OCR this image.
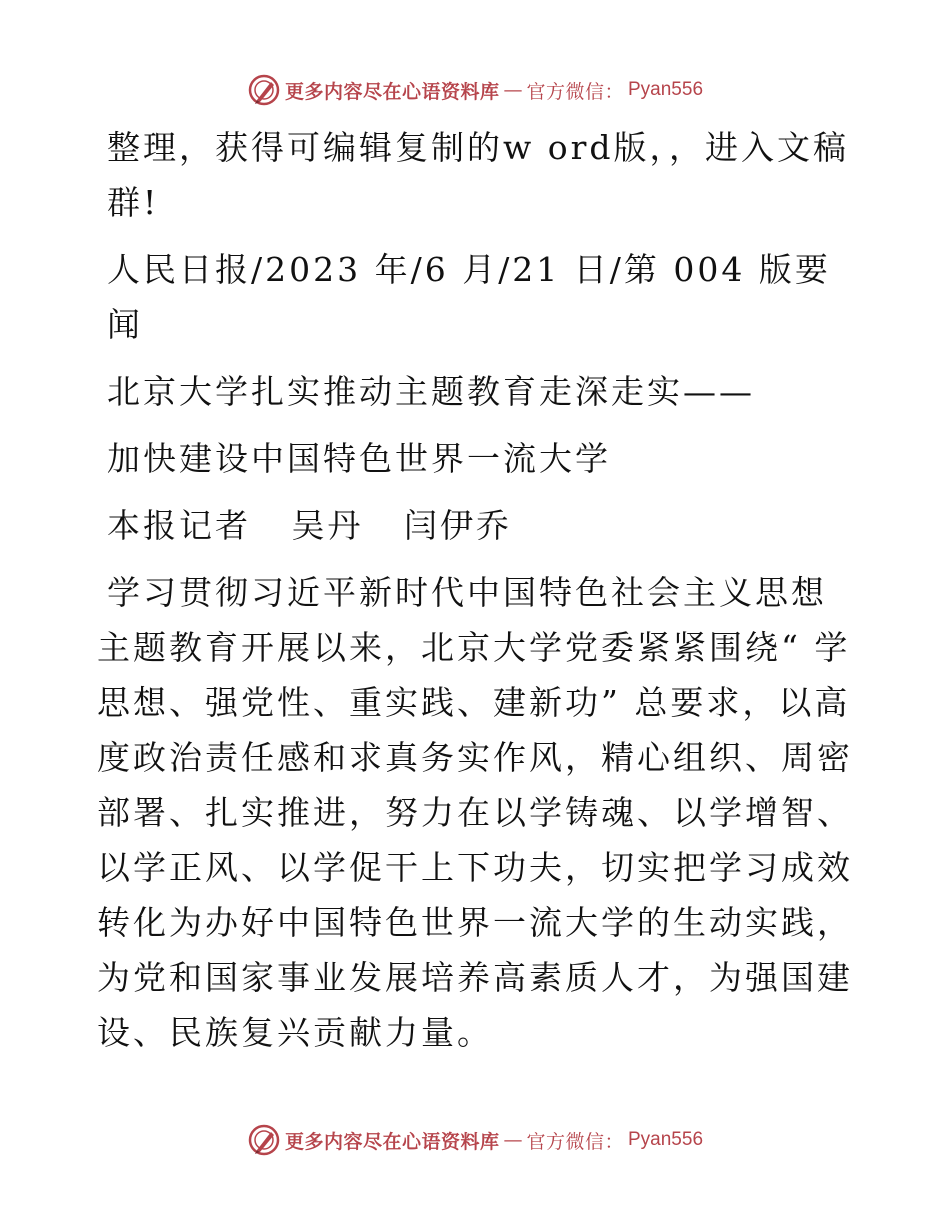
更多内容尽在心语资料库 — 官方微信： Pyan556

整理，获得可编辑复制的w ord版，，进入文稿群!

人民日报/2023 年/6 月/21 日/第 004 版要闻

北京大学扎实推动主题教育走深走实——

加快建设中国特色世界一流大学

本报记者   吴丹   闫伊乔

学习贯彻习近平新时代中国特色社会主义思想主题教育开展以来，北京大学党委紧紧围绕“ 学思想、强党性、重实践、建新功” 总要求，以高度政治责任感和求真务实作风，精心组织、周密部署、扎实推进，努力在以学铸魂、以学增智、以学正风、以学促干上下功夫，切实把学习成效转化为办好中国特色世界一流大学的生动实践，为党和国家事业发展培养高素质人才，为强国建设、民族复兴贡献力量。

更多内容尽在心语资料库 — 官方微信： Pyan556
